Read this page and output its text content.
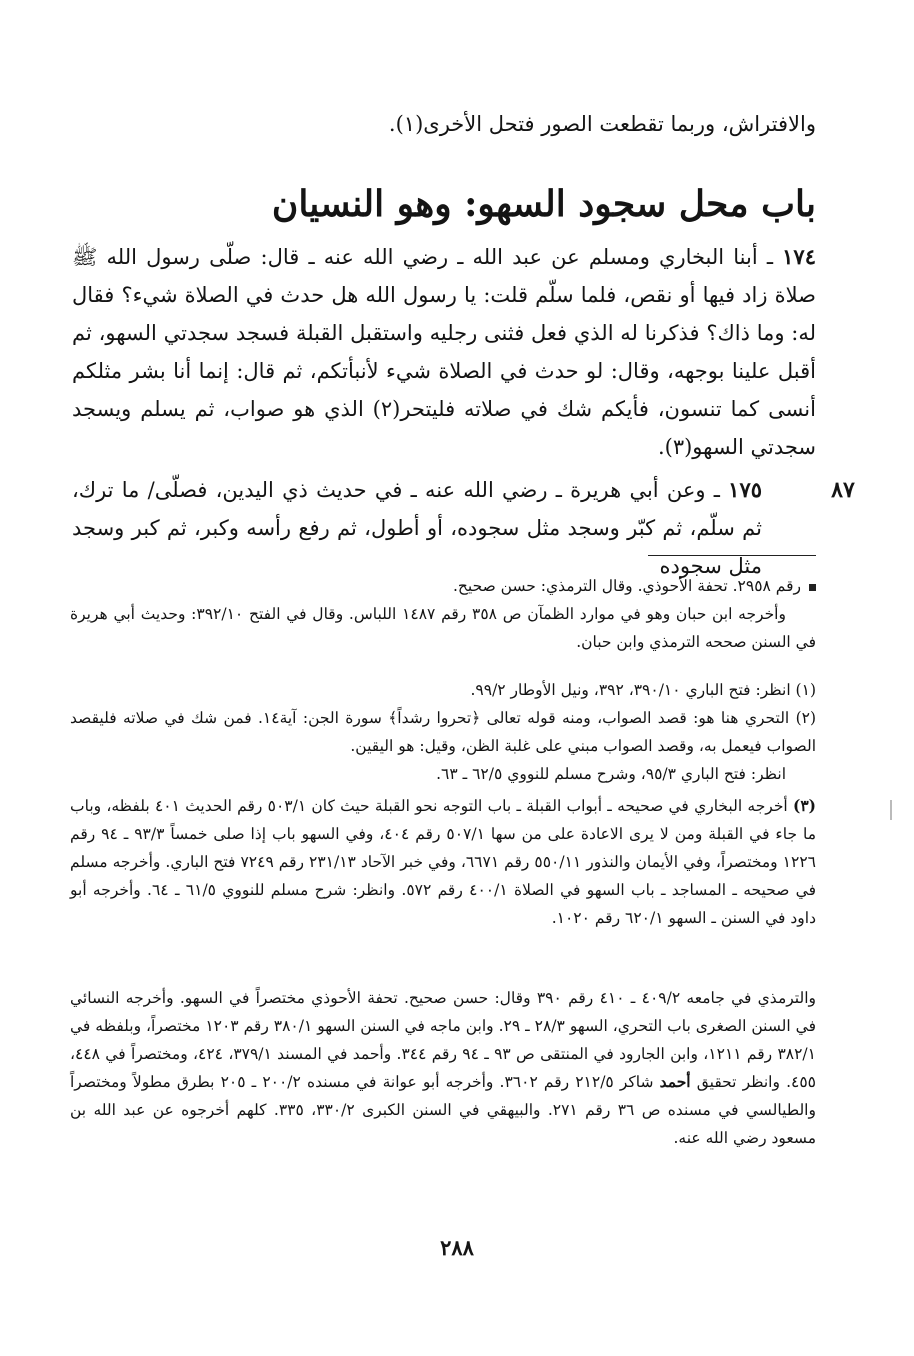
والافتراش، وربما تقطعت الصور فتحل الأخرى(١).
باب محل سجود السهو: وهو النسيان
١٧٤ ـ أبنا البخاري ومسلم عن عبد الله ـ رضي الله عنه ـ قال: صلّى رسول الله ﷺ صلاة زاد فيها أو نقص، فلما سلّم قلت: يا رسول الله هل حدث في الصلاة شيء؟ فقال له: وما ذاك؟ فذكرنا له الذي فعل فثنى رجليه واستقبل القبلة فسجد سجدتي السهو، ثم أقبل علينا بوجهه، وقال: لو حدث في الصلاة شيء لأنبأتكم، ثم قال: إنما أنا بشر مثلكم أنسى كما تنسون، فأيكم شك في صلاته فليتحر(٢) الذي هو صواب، ثم يسلم ويسجد سجدتي السهو(٣).
٨٧
١٧٥ ـ وعن أبي هريرة ـ رضي الله عنه ـ في حديث ذي اليدين، فصلّى/ ما ترك، ثم سلّم، ثم كبّر وسجد مثل سجوده، أو أطول، ثم رفع رأسه وكبر، ثم كبر وسجد مثل سجوده
رقم ٢٩٥٨. تحفة الأحوذي. وقال الترمذي: حسن صحيح.
وأخرجه ابن حبان وهو في موارد الظمآن ص ٣٥٨ رقم ١٤٨٧ اللباس. وقال في الفتح ٣٩٢/١٠: وحديث أبي هريرة في السنن صححه الترمذي وابن حبان.
(١) انظر: فتح الباري ٣٩٠/١٠، ٣٩٢، ونيل الأوطار ٩٩/٢.
(٢) التحري هنا هو: قصد الصواب، ومنه قوله تعالى ﴿تحروا رشداً﴾ سورة الجن: آية١٤. فمن شك في صلاته فليقصد الصواب فيعمل به، وقصد الصواب مبني على غلبة الظن، وقيل: هو اليقين.
انظر: فتح الباري ٩٥/٣، وشرح مسلم للنووي ٦٢/٥ ـ ٦٣.
(٣) أخرجه البخاري في صحيحه ـ أبواب القبلة ـ باب التوجه نحو القبلة حيث كان ٥٠٣/١ رقم الحديث ٤٠١ بلفظه، وباب ما جاء في القبلة ومن لا يرى الاعادة على من سها ٥٠٧/١ رقم ٤٠٤، وفي السهو باب إذا صلى خمساً ٩٣/٣ ـ ٩٤ رقم ١٢٢٦ ومختصراً، وفي الأيمان والنذور ٥٥٠/١١ رقم ٦٦٧١، وفي خبر الآحاد ٢٣١/١٣ رقم ٧٢٤٩ فتح الباري. وأخرجه مسلم في صحيحه ـ المساجد ـ باب السهو في الصلاة ٤٠٠/١ رقم ٥٧٢. وانظر: شرح مسلم للنووي ٦١/٥ ـ ٦٤. وأخرجه أبو داود في السنن ـ السهو ٦٢٠/١ رقم ١٠٢٠.
والترمذي في جامعه ٤٠٩/٢ ـ ٤١٠ رقم ٣٩٠ وقال: حسن صحيح. تحفة الأحوذي مختصراً في السهو. وأخرجه النسائي في السنن الصغرى باب التحري، السهو ٢٨/٣ ـ ٢٩. وابن ماجه في السنن السهو ٣٨٠/١ رقم ١٢٠٣ مختصراً، وبلفظه في ٣٨٢/١ رقم ١٢١١، وابن الجارود في المنتقى ص ٩٣ ـ ٩٤ رقم ٣٤٤. وأحمد في المسند ٣٧٩/١، ٤٢٤، ومختصراً في ٤٤٨، ٤٥٥. وانظر تحقيق أحمد شاكر ٢١٢/٥ رقم ٣٦٠٢. وأخرجه أبو عوانة في مسنده ٢٠٠/٢ ـ ٢٠٥ بطرق مطولاً ومختصراً والطيالسي في مسنده ص ٣٦ رقم ٢٧١. والبيهقي في السنن الكبرى ٣٣٠/٢، ٣٣٥. كلهم أخرجوه عن عبد الله بن مسعود رضي الله عنه.
٢٨٨
